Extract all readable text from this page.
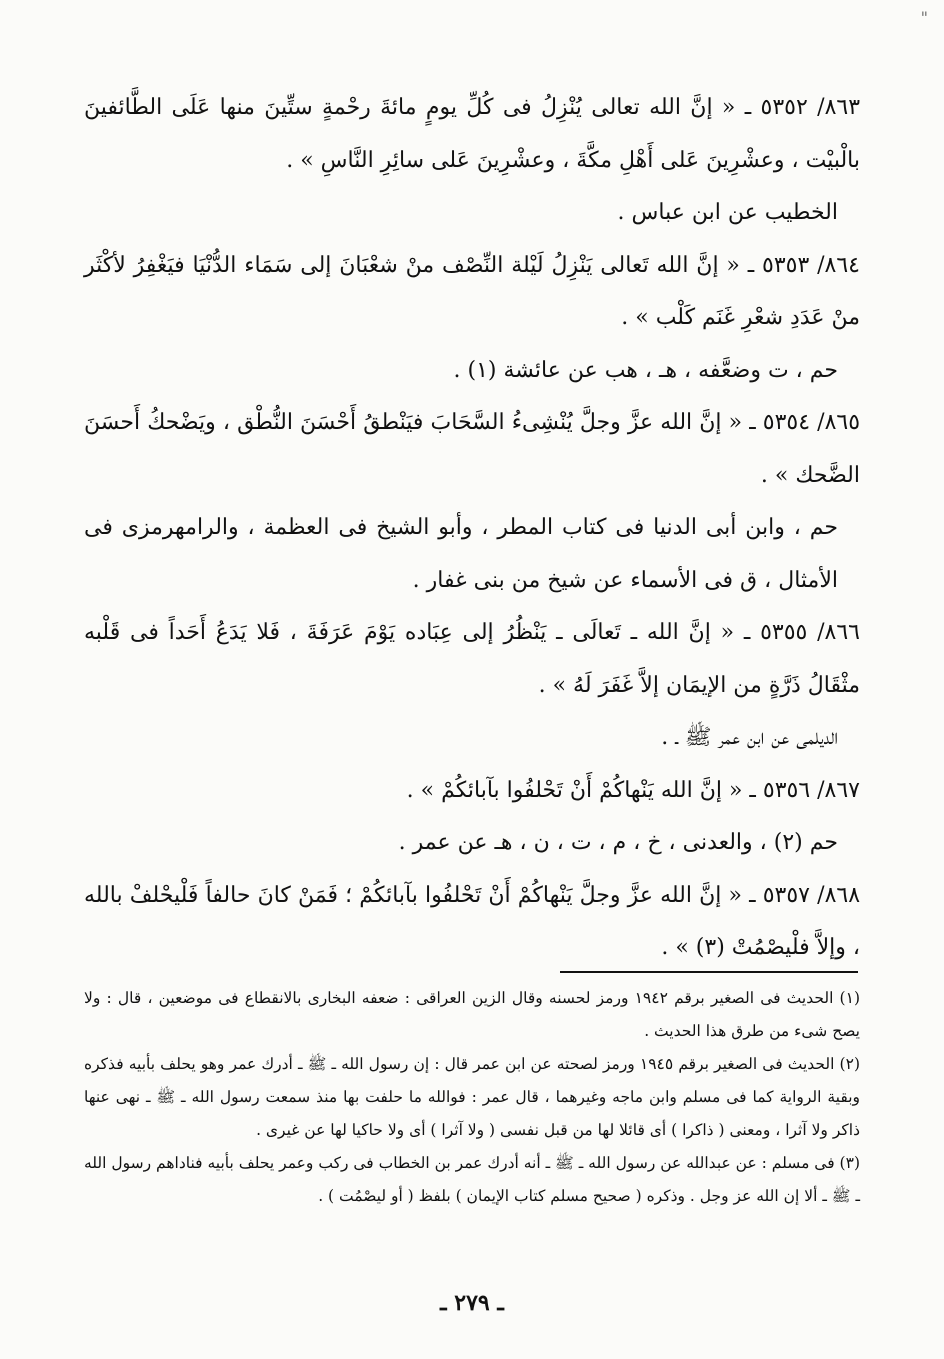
"

٨٦٣/ ٥٣٥٢ ـ « إنَّ الله تعالى يُنْزِلُ فى كُلِّ يومٍ مائةَ رحْمةٍ ستِّينَ منها عَلَى الطَّائفينَ بالْبيْت ، وعشْرِينَ عَلى أَهْلِ مكَّةَ ، وعشْرِينَ عَلى سائِرِ النَّاسِ » .

الخطيب عن ابن عباس .

٨٦٤/ ٥٣٥٣ ـ « إنَّ الله تَعالى يَنْزِلُ لَيْلة النِّصْف منْ شعْبَانَ إلى سَمَاء الدُّنْيَا فيَغْفِرُ لأكْثَر منْ عَدَدِ شعْرِ غَنَم كَلْب » .

حم ، ت وضعَّفه ، هـ ، هب عن عائشة (١) .

٨٦٥/ ٥٣٥٤ ـ « إنَّ الله عزَّ وجلَّ يُنْشِىءُ السَّحَابَ فيَنْطقُ أَحْسَنَ النُّطْق ، ويَضْحكُ أَحسَنَ الضَّحك » .

حم ، وابن أبى الدنيا فى كتاب المطر ، وأبو الشيخ فى العظمة ، والرامهرمزى فى الأمثال ، ق فى الأسماء عن شيخ من بنى غفار .

٨٦٦/ ٥٣٥٥ ـ « إنَّ الله ـ تَعالَى ـ يَنْظُرُ إلى عِبَاده يَوْمَ عَرَفَةَ ، فَلا يَدَعُ أَحَداً فى قَلْبه مثْقَالُ ذَرَّةٍ من الإيمَان إلاَّ غَفَرَ لَهُ » .

الديلمى عن ابن عمر ﷺ ـ .

٨٦٧/ ٥٣٥٦ ـ « إنَّ الله يَنْهاكُمْ أَنْ تَحْلفُوا بآبائكُمْ » .

حم (٢) ، والعدنى ، خ ، م ، ت ، ن ، هـ عن عمر .

٨٦٨/ ٥٣٥٧ ـ « إنَّ الله عزَّ وجلَّ يَنْهاكُمْ أَنْ تَحْلفُوا بآبائكُمْ ؛ فَمَنْ كانَ حالفاً فَلْيحْلفْ بالله ، وإلاَّ فلْيصْمُتْ (٣) » .

(١) الحديث فى الصغير برقم ١٩٤٢ ورمز لحسنه وقال الزين العراقى : ضعفه البخارى بالانقطاع فى موضعين ، قال : ولا يصح شىء من طرق هذا الحديث .

(٢) الحديث فى الصغير برقم ١٩٤٥ ورمز لصحته عن ابن عمر قال : إن رسول الله ـ ﷺ ـ أدرك عمر وهو يحلف بأبيه فذكره وبقية الرواية كما فى مسلم وابن ماجه وغيرهما ، قال عمر : فوالله ما حلفت بها منذ سمعت رسول الله ـ ﷺ ـ نهى عنها ذاكر ولا آثرا ، ومعنى ( ذاكرا ) أى قائلا لها من قبل نفسى ( ولا آثرا ) أى ولا حاكيا لها عن غيرى .

(٣) فى مسلم : عن عبدالله عن رسول الله ـ ﷺ ـ أنه أدرك عمر بن الخطاب فى ركب وعمر يحلف بأبيه فناداهم رسول الله ـ ﷺ ـ ألا إن الله عز وجل . وذكره ( صحيح مسلم كتاب الإيمان ) بلفظ ( أو ليصْمُت ) .

ـ ٢٧٩ ـ
